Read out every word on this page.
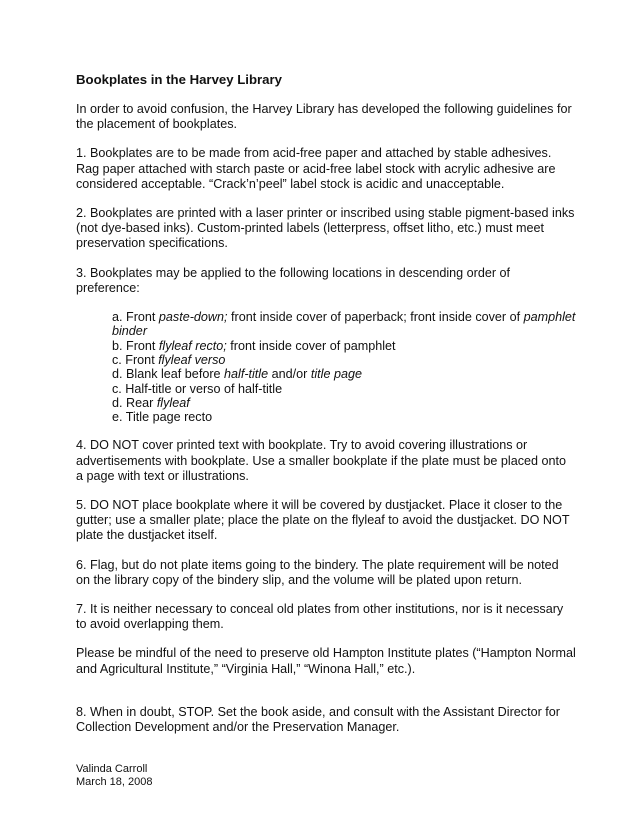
Bookplates in the Harvey Library

In order to avoid confusion, the Harvey Library has developed the following guidelines for the placement of bookplates.

1. Bookplates are to be made from acid-free paper and attached by stable adhesives. Rag paper attached with starch paste or acid-free label stock with acrylic adhesive are considered acceptable. “Crack’n’peel” label stock is acidic and unacceptable.

2. Bookplates are printed with a laser printer or inscribed using stable pigment-based inks (not dye-based inks). Custom-printed labels (letterpress, offset litho, etc.) must meet preservation specifications.

3. Bookplates may be applied to the following locations in descending order of preference:

a. Front paste-down; front inside cover of paperback; front inside cover of pamphlet binder
b. Front flyleaf recto; front inside cover of pamphlet
c. Front flyleaf verso
d. Blank leaf before half-title and/or title page
c. Half-title or verso of half-title
d. Rear flyleaf
e. Title page recto

4. DO NOT cover printed text with bookplate. Try to avoid covering illustrations or advertisements with bookplate. Use a smaller bookplate if the plate must be placed onto a page with text or illustrations.

5. DO NOT place bookplate where it will be covered by dustjacket. Place it closer to the gutter; use a smaller plate; place the plate on the flyleaf to avoid the dustjacket. DO NOT plate the dustjacket itself.

6. Flag, but do not plate items going to the bindery. The plate requirement will be noted on the library copy of the bindery slip, and the volume will be plated upon return.

7. It is neither necessary to conceal old plates from other institutions, nor is it necessary to avoid overlapping them.

Please be mindful of the need to preserve old Hampton Institute plates (“Hampton Normal and Agricultural Institute,” “Virginia Hall,” “Winona Hall,” etc.).

8. When in doubt, STOP. Set the book aside, and consult with the Assistant Director for Collection Development and/or the Preservation Manager.

Valinda Carroll
March 18, 2008
